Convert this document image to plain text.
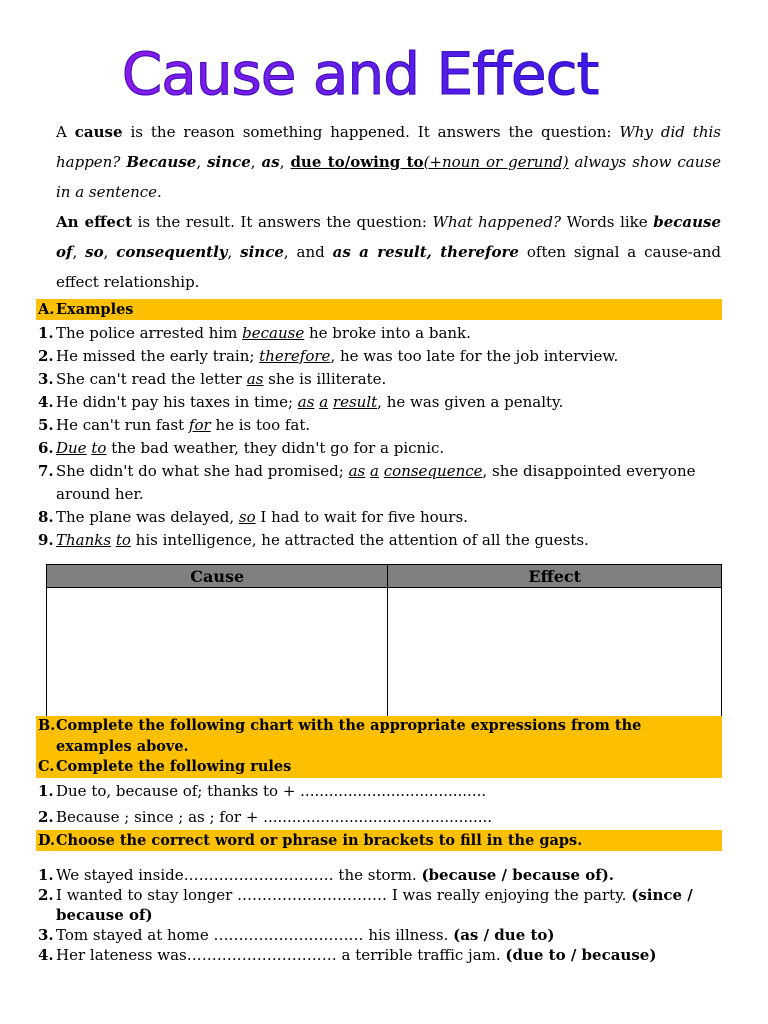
Cause and Effect

A cause is the reason something happened. It answers the question: Why did this happen? Because, since, as, due to/owing to(+noun or gerund) always show cause in a sentence.

An effect is the result. It answers the question: What happened? Words like because of, so, consequently, since, and as a result, therefore often signal a cause-and effect relationship.

A. Examples
1. The police arrested him because he broke into a bank.
2. He missed the early train; therefore, he was too late for the job interview.
3. She can't read the letter as she is illiterate.
4. He didn't pay his taxes in time; as a result, he was given a penalty.
5. He can't run fast for he is too fat.
6. Due to the bad weather, they didn't go for a picnic.
7. She didn't do what she had promised; as a consequence, she disappointed everyone around her.
8. The plane was delayed, so I had to wait for five hours.
9. Thanks to his intelligence, he attracted the attention of all the guests.
Cause	Effect

B. Complete the following chart with the appropriate expressions from the examples above.
C. Complete the following rules
1. Due to, because of; thanks to + .......................................
2. Because ; since ; as ; for + ................................................
D. Choose the correct word or phrase in brackets to fill in the gaps.
1. We stayed inside………………………… the storm. (because / because of).
2. I wanted to stay longer ………………………… I was really enjoying the party. (since / because of)
3. Tom stayed at home ………………………… his illness. (as / due to)
4. Her lateness was………………………… a terrible traffic jam. (due to / because)
